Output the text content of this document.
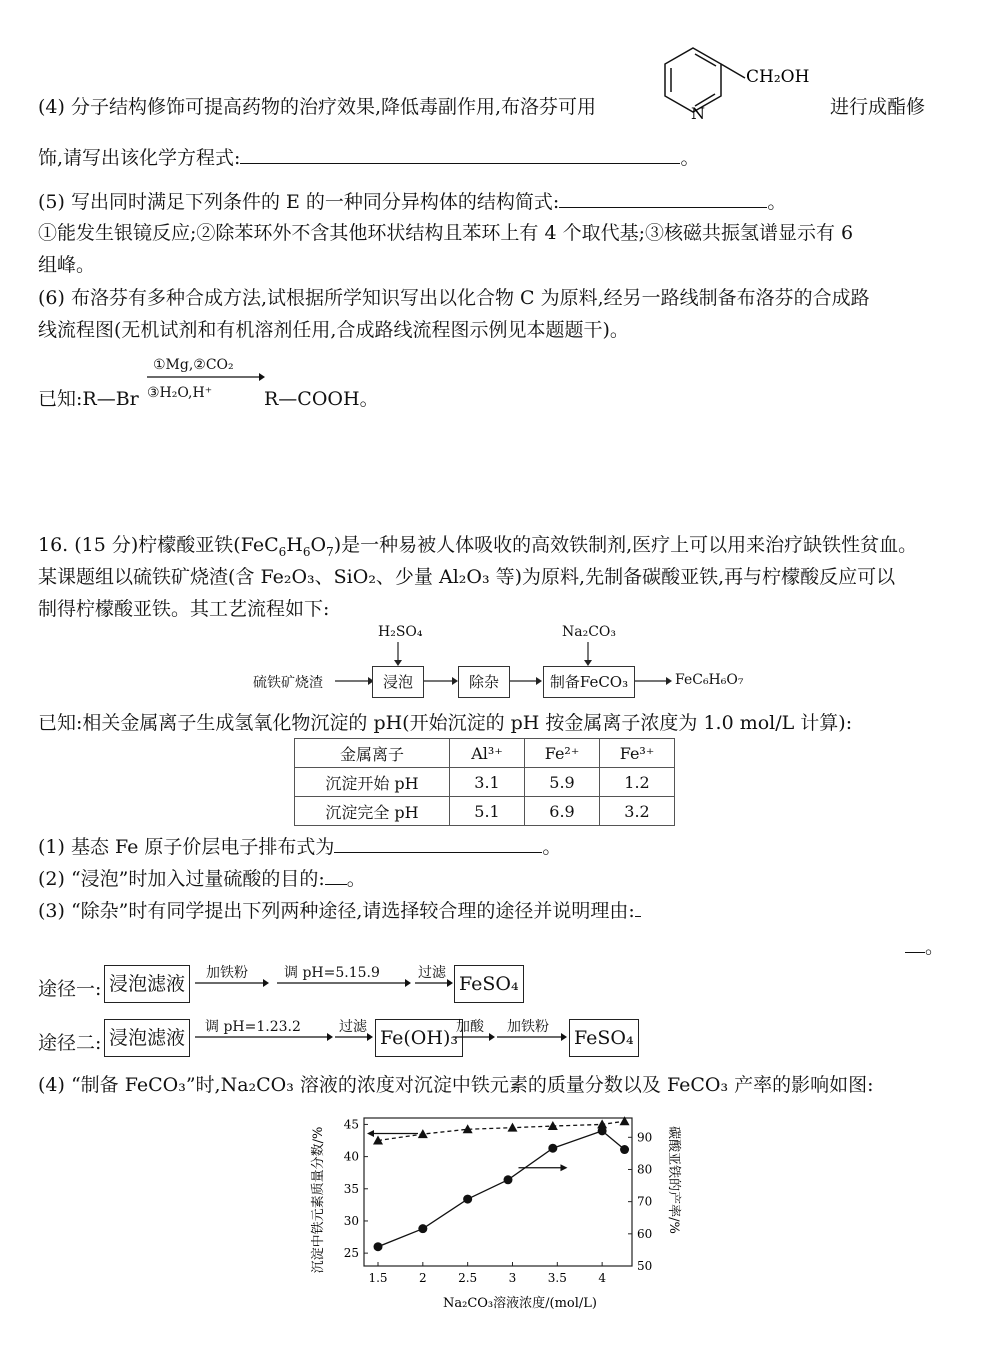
(4) 分子结构修饰可提高药物的治疗效果,降低毒副作用,布洛芬可用	N
CH₂OH
进行成酯修
饰,请写出该化学方程式:	。
(5) 写出同时满足下列条件的 E 的一种同分异构体的结构简式:	。
①能发生银镜反应;②除苯环外不含其他环状结构且苯环上有 4 个取代基;③核磁共振氢谱显示有 6
组峰。
(6) 布洛芬有多种合成方法,试根据所学知识写出以化合物 C 为原料,经另一路线制备布洛芬的合成路
线流程图(无机试剂和有机溶剂任用,合成路线流程图示例见本题题干)。
已知:R—Br
①Mg,②CO₂
③H₂O,H⁺	R—COOH。
16. (15 分)柠檬酸亚铁$(FeC_6H_6O_7)$是一种易被人体吸收的高效铁制剂,医疗上可以用来治疗缺铁性贫血。
某课题组以硫铁矿烧渣(含 Fe₂O₃、SiO₂、少量 Al₂O₃ 等)为原料,先制备碳酸亚铁,再与柠檬酸反应可以
制得柠檬酸亚铁。其工艺流程如下:
硫铁矿烧渣	浸泡	除杂	制备FeCO₃	FeC₆H₆O₇
H₂SO₄	Na₂CO₃
已知:相关金属离子生成氢氧化物沉淀的 pH(开始沉淀的 pH 按金属离子浓度为 1.0 mol/L 计算):
金属离子	Al³⁺	Fe²⁺	Fe³⁺
沉淀开始 pH	3.1	5.9	1.2
沉淀完全 pH	5.1	6.9	3.2
(1) 基态 Fe 原子价层电子排布式为	。
(2) “浸泡”时加入过量硫酸的目的: 。
(3) “除杂”时有同学提出下列两种途径,请选择较合理的途径并说明理由:
。
途径一: 浸泡滤液	加铁粉	调 pH=5.15.9	过滤 FeSO₄
途径二: 浸泡滤液	调 pH=1.23.2	过滤 Fe(OH)₃
加酸 加铁粉 FeSO₄
(4) “制备 FeCO₃”时,Na₂CO₃ 溶液的浓度对沉淀中铁元素的质量分数以及 FeCO₃ 产率的影响如图:
1.5	2	2.5	3	3.5	4
25
30
35
40
45
50
60
70
80
90
Na₂CO₃溶液浓度/(mol/L)
沉淀中铁元素质量分数/%	碳酸亚铁的产率/%
